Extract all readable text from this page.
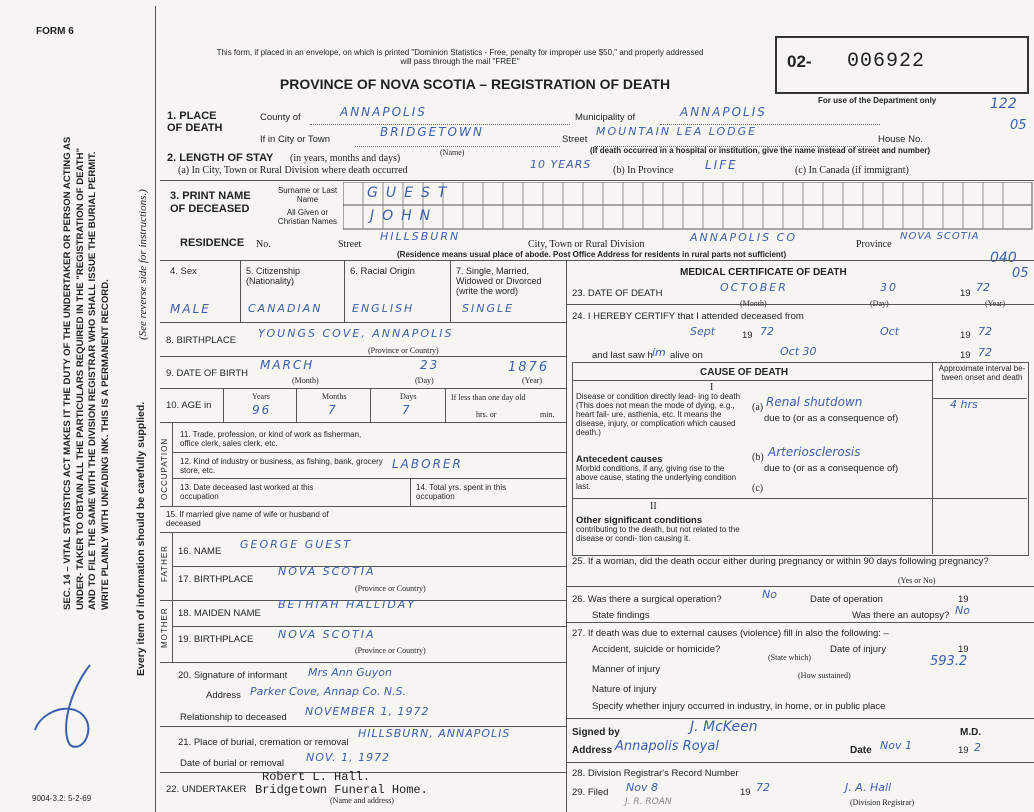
FORM 6
9004-3.2: 5-2-69
SEC. 14 – VITAL STATISTICS ACT MAKES IT THE DUTY OF THE UNDERTAKER OR PERSON ACTING AS UNDER- TAKER TO OBTAIN ALL THE PARTICULARS REQUIRED IN THE "REGISTRATION OF DEATH" AND TO FILE THE SAME WITH THE DIVISION REGISTRAR WHO SHALL ISSUE THE BURIAL PERMIT. WRITE PLAINLY WITH UNFADING INK. THIS IS A PERMANENT RECORD.
(See reverse side for instructions.)
Every item of information should be carefully supplied.
This form, if placed in an envelope, on which is printed "Dominion Statistics - Free, penalty for improper use $50," and properly addressed will pass through the mail "FREE"
PROVINCE OF NOVA SCOTIA – REGISTRATION OF DEATH
02- 006922
For use of the Department only
1. PLACE OF DEATH
County of	ANNAPOLIS	Municipality of	ANNAPOLIS	122
05
If in City or Town
BRIDGETOWN
(Name)
Street
MOUNTAIN LEA LODGE
House No.
(If death occurred in a hospital or institution, give the name instead of street and number)
2. LENGTH OF STAY (in years, months and days)
(a) In City, Town or Rural Division where death occurred	10 YEARS (b) In Province	LIFE	(c) In Canada (if immigrant)
3. PRINT NAME OF DECEASED
Surname or Last Name
All Given or Christian Names
GUEST
JOHN
RESIDENCE No.	Street
HILLSBURN
City, Town or Rural Division
ANNAPOLIS CO
Province
NOVA SCOTIA
(Residence means usual place of abode. Post Office Address for residents in rural parts not sufficient)	040
05
4. Sex	5. Citizenship (Nationality)
6. Racial Origin	7. Single, Married, Widowed or Divorced (write the word)
MALE	CANADIAN	ENGLISH	SINGLE
8. BIRTHPLACE
YOUNGS COVE, ANNAPOLIS
(Province or Country)
9. DATE OF BIRTH
MARCH	23	1876
(Month)	(Day)	(Year)
10. AGE in
Years	Months	Days
96	7	7
If less than one day old
hrs. or	min.
OCCUPATION
11. Trade, profession, or kind of work as fisherman, office clerk, sales clerk, etc.
12. Kind of industry or business, as fishing, bank, grocery store, etc.	LABORER
13. Date deceased last worked at this occupation
14. Total yrs. spent in this occupation
15. If married give name of wife or husband of deceased
FATHER 16. NAME
GEORGE GUEST
17. BIRTHPLACE
NOVA SCOTIA
(Province or Country)
MOTHER 18. MAIDEN NAME
BETHIAH HALLIDAY
19. BIRTHPLACE NOVA SCOTIA
(Province or Country)
20. Signature of informant Mrs Ann Guyon
Address Parker Cove, Annap Co. N.S.
Relationship to deceased NOVEMBER 1, 1972
21. Place of burial, cremation or removal
HILLSBURN, ANNAPOLIS
Date of burial or removal NOV. 1, 1972
22. UNDERTAKER
Robert L. Hall.
Bridgetown Funeral Home.
(Name and address)
MEDICAL CERTIFICATE OF DEATH
23. DATE OF DEATH	OCTOBER	30	19 72
(Month)	(Day)	(Year)
24. I HEREBY CERTIFY that I attended deceased from
Sept	19 72	Oct	19 72
and last saw h im alive on	Oct 30	19 72
CAUSE OF DEATH	Approximate interval be- tween onset and death
I
Disease or condition directly lead- ing to death (This does not mean the mode of dying, e.g., heart fail- ure, asthenia, etc. It means the disease, injury, or complication which caused death.)
(a) Renal shutdown	4 hrs
due to (or as a consequence of)
Antecedent causes
Morbid conditions, if any, giving rise to the above cause, stating the underlying condition last.
(b) Arteriosclerosis
due to (or as a consequence of)
(c)
II
Other significant conditions
contributing to the death, but not related to the disease or condi- tion causing it.
25. If a woman, did the death occur either during pregnancy or within 90 days following pregnancy?
(Yes or No)
26. Was there a surgical operation?	No	Date of operation	19
State findings	Was there an autopsy? No
27. If death was due to external causes (violence) fill in also the following: –
Accident, suicide or homicide?
(State which)
Date of injury	19
Manner of injury
593.2
(How sustained)
Nature of injury
Specify whether injury occurred in industry, in home, or in public place
Signed by	J. McKeen	M.D.
Address Annapolis Royal	Date Nov 1	19 2
28. Division Registrar's Record Number
29. Filed Nov 8	19 72	J. A. Hall
(Division Registrar)
J. R. ROAN
